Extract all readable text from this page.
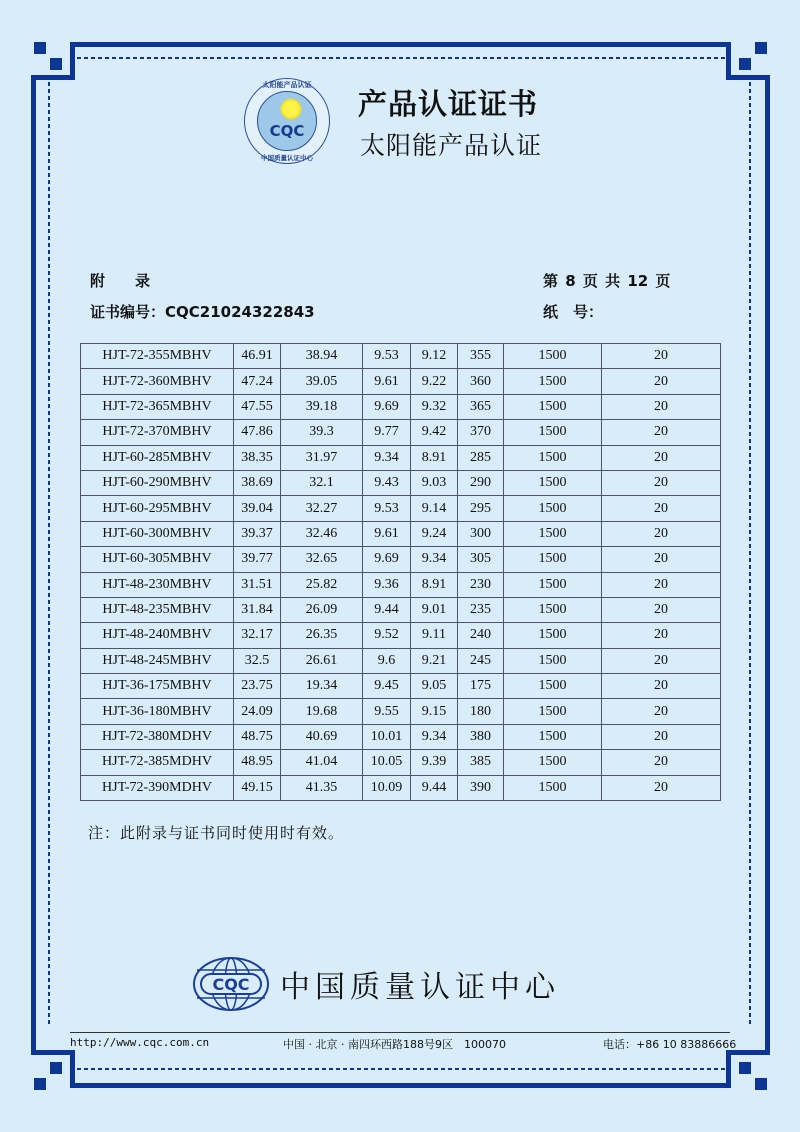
太阳能产品认证
CQC
中国质量认证中心
产品认证证书
太阳能产品认证
附　　录	第 8 页 共 12 页
证书编号：CQC21024322843	纸　号：
HJT-72-355MBHV	46.91	38.94	9.53	9.12	355	1500	20
HJT-72-360MBHV	47.24	39.05	9.61	9.22	360	1500	20
HJT-72-365MBHV	47.55	39.18	9.69	9.32	365	1500	20
HJT-72-370MBHV	47.86	39.3	9.77	9.42	370	1500	20
HJT-60-285MBHV	38.35	31.97	9.34	8.91	285	1500	20
HJT-60-290MBHV	38.69	32.1	9.43	9.03	290	1500	20
HJT-60-295MBHV	39.04	32.27	9.53	9.14	295	1500	20
HJT-60-300MBHV	39.37	32.46	9.61	9.24	300	1500	20
HJT-60-305MBHV	39.77	32.65	9.69	9.34	305	1500	20
HJT-48-230MBHV	31.51	25.82	9.36	8.91	230	1500	20
HJT-48-235MBHV	31.84	26.09	9.44	9.01	235	1500	20
HJT-48-240MBHV	32.17	26.35	9.52	9.11	240	1500	20
HJT-48-245MBHV	32.5	26.61	9.6	9.21	245	1500	20
HJT-36-175MBHV	23.75	19.34	9.45	9.05	175	1500	20
HJT-36-180MBHV	24.09	19.68	9.55	9.15	180	1500	20
HJT-72-380MDHV	48.75	40.69	10.01	9.34	380	1500	20
HJT-72-385MDHV	48.95	41.04	10.05	9.39	385	1500	20
HJT-72-390MDHV	49.15	41.35	10.09	9.44	390	1500	20
注：此附录与证书同时使用时有效。
CQC 中国质量认证中心
http://www.cqc.com.cn	中国 · 北京 · 南四环西路188号9区　100070	电话：+86 10 83886666
